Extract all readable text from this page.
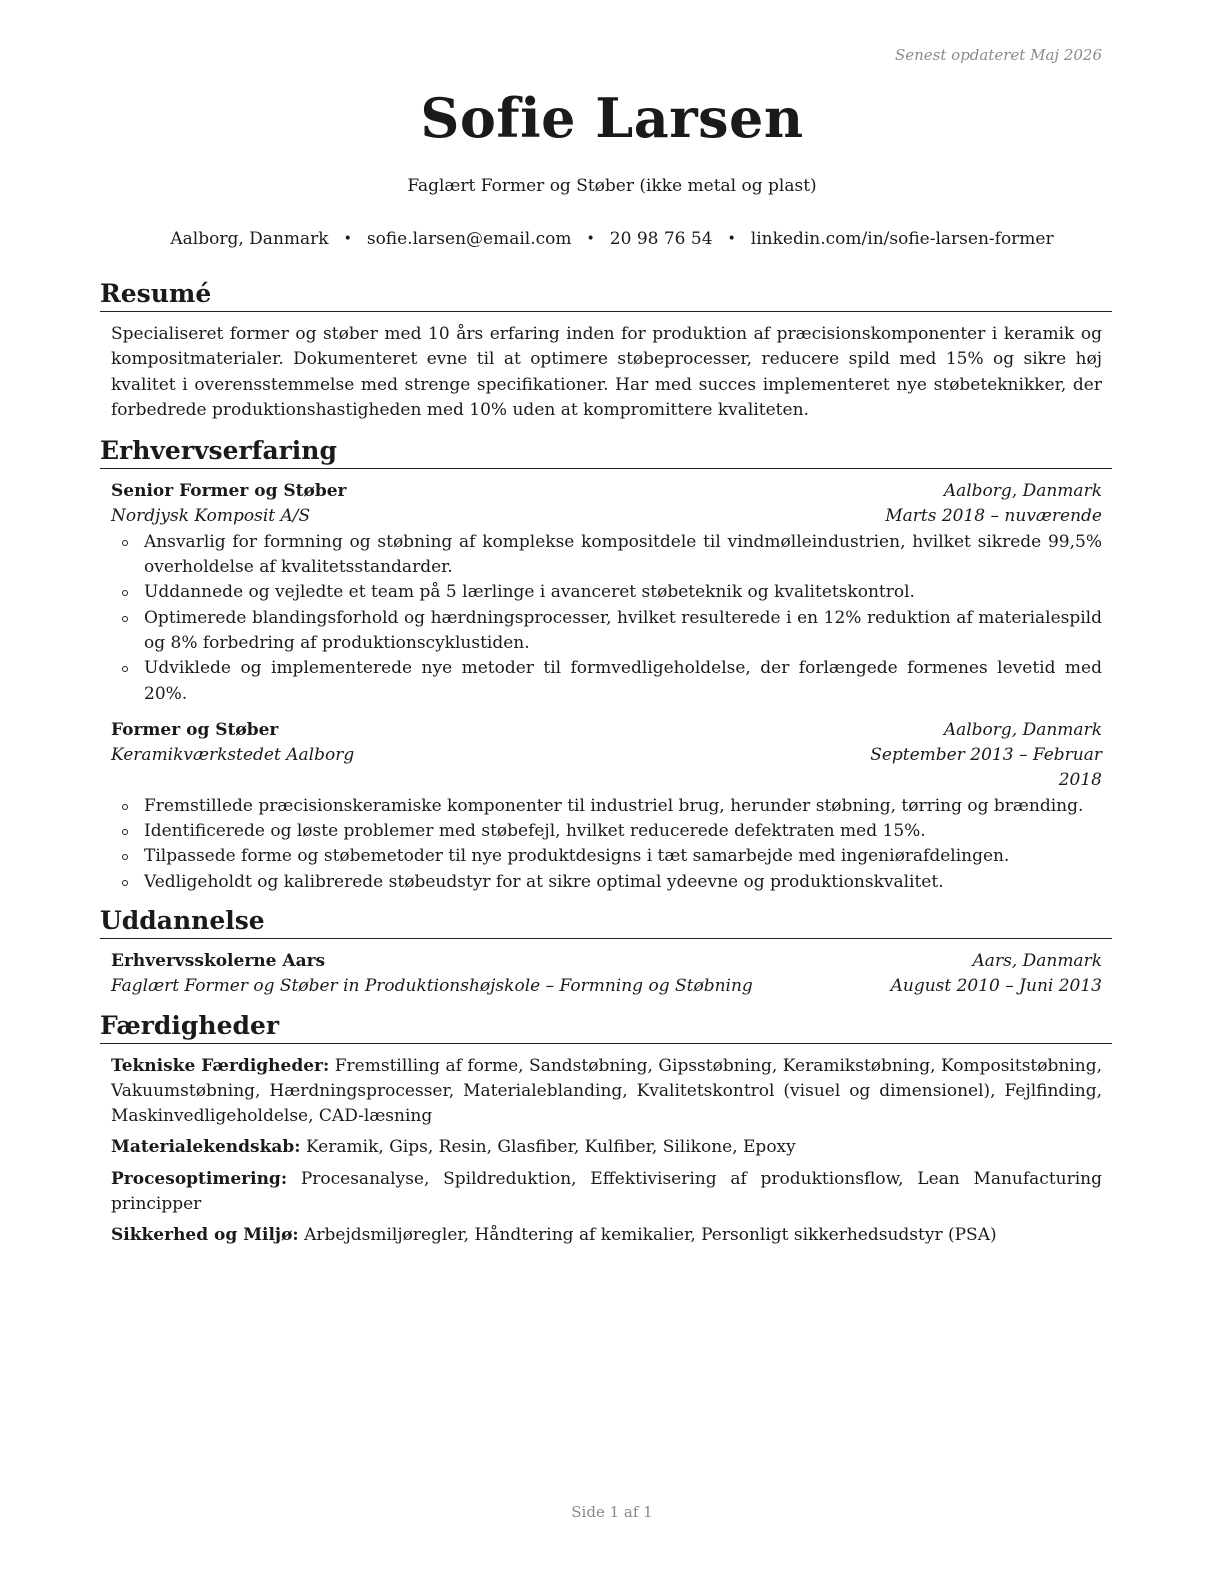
Senest opdateret Maj 2026
Sofie Larsen
Faglært Former og Støber (ikke metal og plast)
Aalborg, Danmark • sofie.larsen@email.com • 20 98 76 54 • linkedin.com/in/sofie-larsen-former
Resumé
Specialiseret former og støber med 10 års erfaring inden for produktion af præcisionskomponenter i keramik og kompositmaterialer. Dokumenteret evne til at optimere støbeprocesser, reducere spild med 15% og sikre høj kvalitet i overensstemmelse med strenge specifikationer. Har med succes implementeret nye støbeteknikker, der forbedrede produktionshastigheden med 10% uden at kompromittere kvaliteten.
Erhvervserfaring
Senior Former og Støber	Aalborg, Danmark
Nordjysk Komposit A/S	Marts 2018 – nuværende
Ansvarlig for formning og støbning af komplekse kompositdele til vindmølleindustrien, hvilket sikrede 99,5% overholdelse af kvalitetsstandarder.
Uddannede og vejledte et team på 5 lærlinge i avanceret støbeteknik og kvalitetskontrol.
Optimerede blandingsforhold og hærdningsprocesser, hvilket resulterede i en 12% reduktion af materialespild og 8% forbedring af produktionscyklustiden.
Udviklede og implementerede nye metoder til formvedligeholdelse, der forlængede formenes levetid med 20%.
Former og Støber	Aalborg, Danmark
Keramikværkstedet Aalborg	September 2013 – Februar 2018
Fremstillede præcisionskeramiske komponenter til industriel brug, herunder støbning, tørring og brænding.
Identificerede og løste problemer med støbefejl, hvilket reducerede defektraten med 15%.
Tilpassede forme og støbemetoder til nye produktdesigns i tæt samarbejde med ingeniørafdelingen.
Vedligeholdt og kalibrerede støbeudstyr for at sikre optimal ydeevne og produktionskvalitet.
Uddannelse
Erhvervsskolerne Aars	Aars, Danmark
Faglært Former og Støber in Produktionshøjskole – Formning og Støbning	August 2010 – Juni 2013
Færdigheder

Tekniske Færdigheder: Fremstilling af forme, Sandstøbning, Gipsstøbning, Keramikstøbning, Kompositstøbning, Vakuumstøbning, Hærdningsprocesser, Materialeblanding, Kvalitetskontrol (visuel og dimensionel), Fejlfinding, Maskinvedligeholdelse, CAD-læsning

Materialekendskab: Keramik, Gips, Resin, Glasfiber, Kulfiber, Silikone, Epoxy

Procesoptimering: Procesanalyse, Spildreduktion, Effektivisering af produktionsflow, Lean Manufacturing principper

Sikkerhed og Miljø: Arbejdsmiljøregler, Håndtering af kemikalier, Personligt sikkerhedsudstyr (PSA)

Side 1 af 1
